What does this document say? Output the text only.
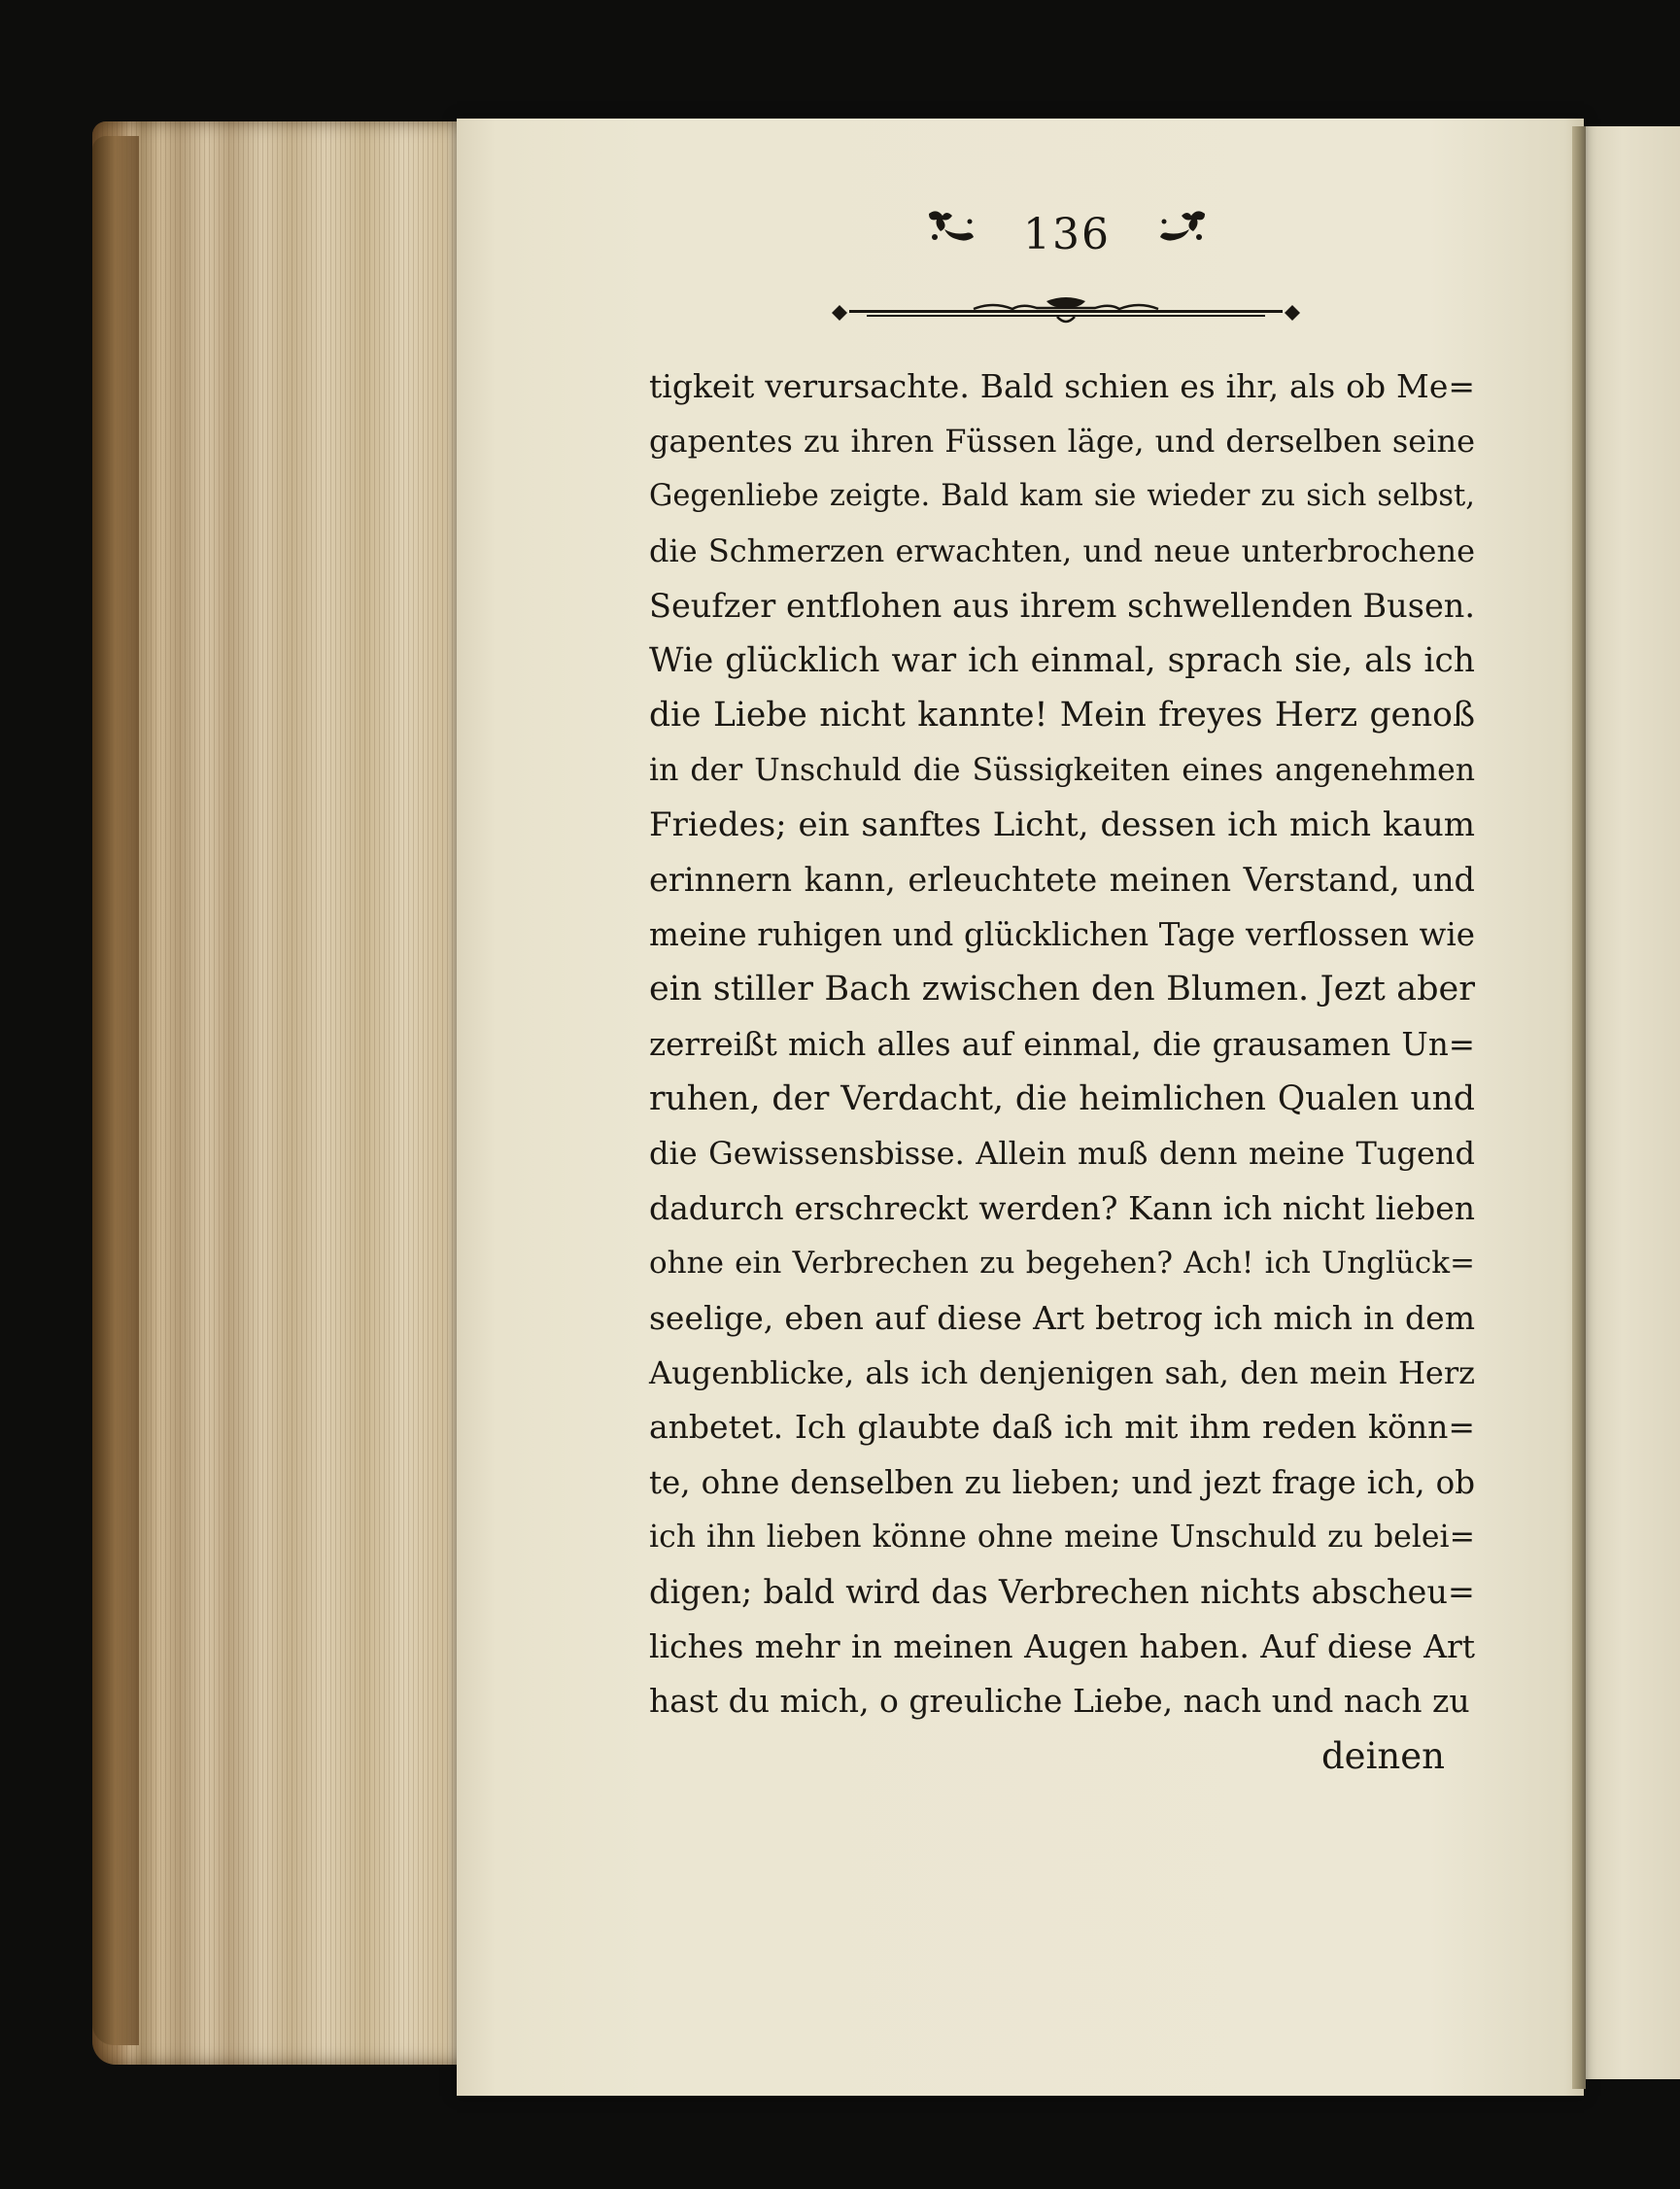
136
tigkeit verursachte. Bald schien es ihr, als ob Me=
gapentes zu ihren Füssen läge, und derselben seine
Gegenliebe zeigte. Bald kam sie wieder zu sich selbst,
die Schmerzen erwachten, und neue unterbrochene
Seufzer entflohen aus ihrem schwellenden Busen.
Wie glücklich war ich einmal, sprach sie, als ich
die Liebe nicht kannte! Mein freyes Herz genoß
in der Unschuld die Süssigkeiten eines angenehmen
Friedes; ein sanftes Licht, dessen ich mich kaum
erinnern kann, erleuchtete meinen Verstand, und
meine ruhigen und glücklichen Tage verflossen wie
ein stiller Bach zwischen den Blumen. Jezt aber
zerreißt mich alles auf einmal, die grausamen Un=
ruhen, der Verdacht, die heimlichen Qualen und
die Gewissensbisse. Allein muß denn meine Tugend
dadurch erschreckt werden? Kann ich nicht lieben
ohne ein Verbrechen zu begehen? Ach! ich Unglück=
seelige, eben auf diese Art betrog ich mich in dem
Augenblicke, als ich denjenigen sah, den mein Herz
anbetet. Ich glaubte daß ich mit ihm reden könn=
te, ohne denselben zu lieben; und jezt frage ich, ob
ich ihn lieben könne ohne meine Unschuld zu belei=
digen; bald wird das Verbrechen nichts abscheu=
liches mehr in meinen Augen haben. Auf diese Art
hast du mich, o greuliche Liebe, nach und nach zu
deinen
